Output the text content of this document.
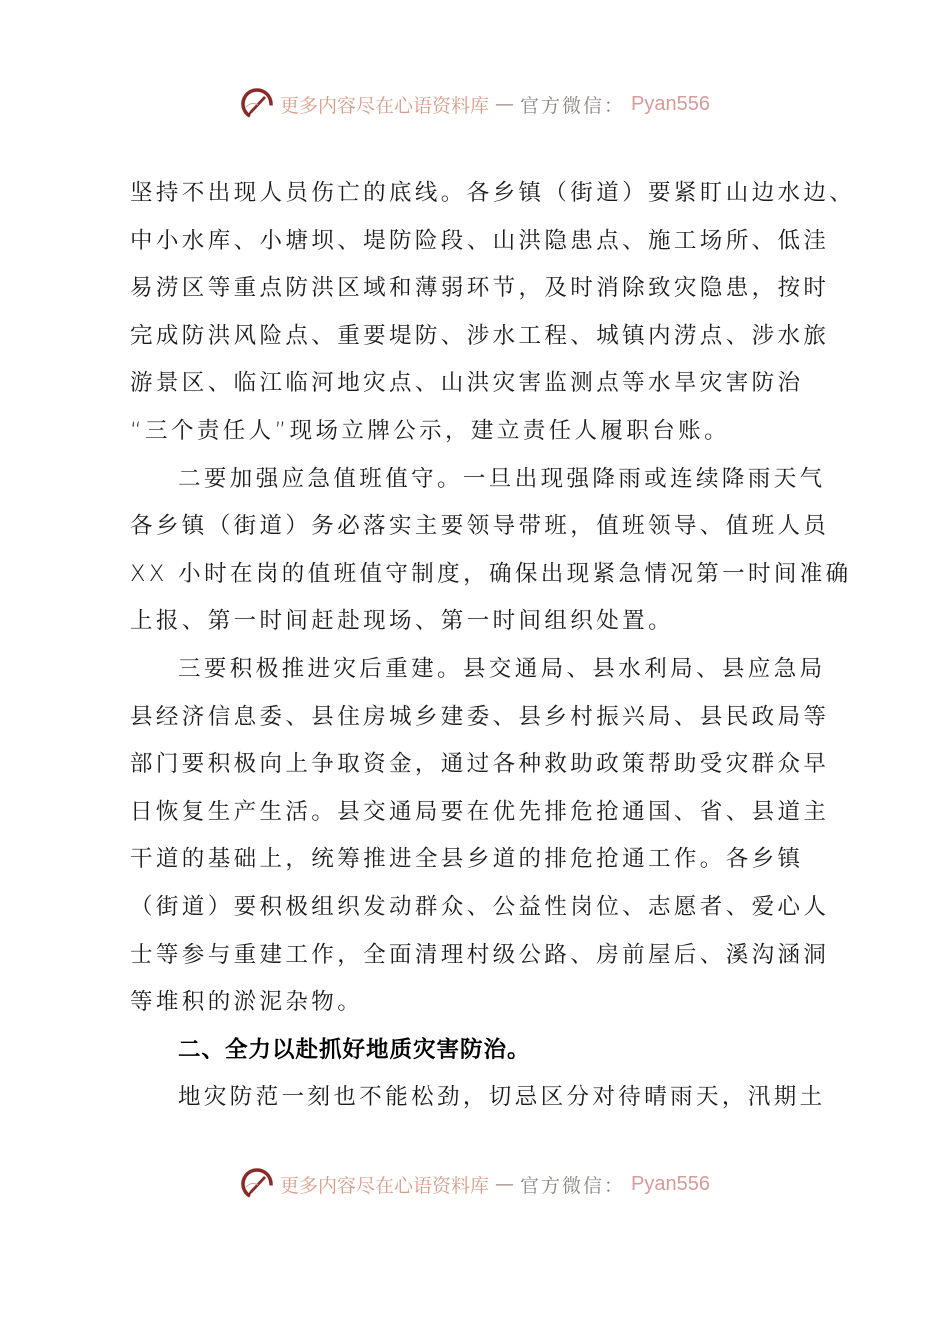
更多内容尽在心语资料库 — 官方微信： Pyan556
坚持不出现人员伤亡的底线。各乡镇（街道）要紧盯山边水边、
中小水库、小塘坝、堤防险段、山洪隐患点、施工场所、低洼
易涝区等重点防洪区域和薄弱环节，及时消除致灾隐患，按时
完成防洪风险点、重要堤防、涉水工程、城镇内涝点、涉水旅
游景区、临江临河地灾点、山洪灾害监测点等水旱灾害防治
“三个责任人”现场立牌公示，建立责任人履职台账。
二要加强应急值班值守。一旦出现强降雨或连续降雨天气
各乡镇（街道）务必落实主要领导带班，值班领导、值班人员
XX 小时在岗的值班值守制度，确保出现紧急情况第一时间准确
上报、第一时间赶赴现场、第一时间组织处置。
三要积极推进灾后重建。县交通局、县水利局、县应急局
县经济信息委、县住房城乡建委、县乡村振兴局、县民政局等
部门要积极向上争取资金，通过各种救助政策帮助受灾群众早
日恢复生产生活。县交通局要在优先排危抢通国、省、县道主
干道的基础上，统筹推进全县乡道的排危抢通工作。各乡镇
（街道）要积极组织发动群众、公益性岗位、志愿者、爱心人
士等参与重建工作，全面清理村级公路、房前屋后、溪沟涵洞
等堆积的淤泥杂物。
二、全力以赴抓好地质灾害防治。
地灾防范一刻也不能松劲，切忌区分对待晴雨天，汛期土
更多内容尽在心语资料库 — 官方微信： Pyan556
